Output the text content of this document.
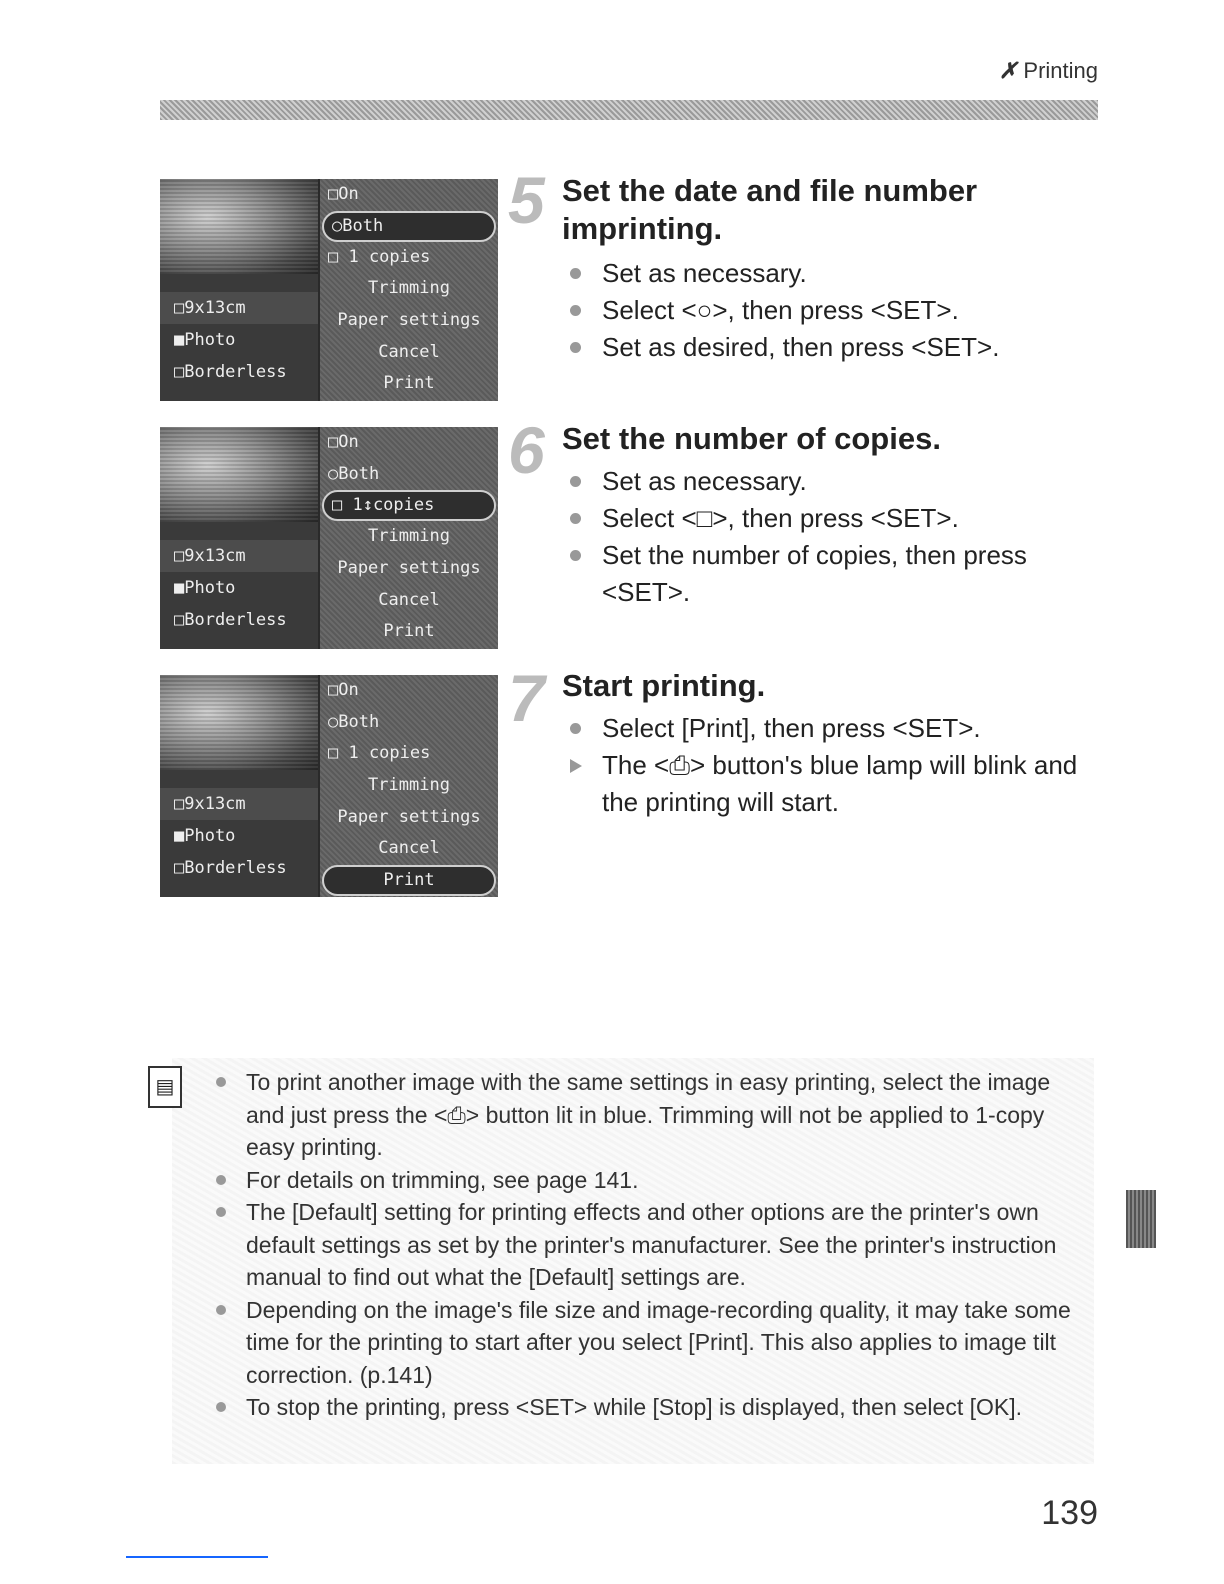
✗ Printing
□9x13cm
■Photo
□Borderless
□On
○Both
□ 1 copies
Trimming
Paper settings
Cancel
Print
□9x13cm
■Photo
□Borderless
□On
○Both
□ 1↕copies
Trimming
Paper settings
Cancel
Print
□9x13cm
■Photo
□Borderless
□On
○Both
□ 1 copies
Trimming
Paper settings
Cancel
Print
5 Set the date and file number imprinting.
Set as necessary.
Select <○>, then press <SET>.
Set as desired, then press <SET>.
6 Set the number of copies.
Set as necessary.
Select <□>, then press <SET>.
Set the number of copies, then press <SET>.
7 Start printing.
Select [Print], then press <SET>.
The <⎙> button's blue lamp will blink and the printing will start.
▤	To print another image with the same settings in easy printing, select the image and just press the <⎙> button lit in blue. Trimming will not be applied to 1-copy easy printing.
For details on trimming, see page 141.
The [Default] setting for printing effects and other options are the printer's own default settings as set by the printer's manufacturer. See the printer's instruction manual to find out what the [Default] settings are.
Depending on the image's file size and image-recording quality, it may take some time for the printing to start after you select [Print]. This also applies to image tilt correction. (p.141)
To stop the printing, press <SET> while [Stop] is displayed, then select [OK].
139
